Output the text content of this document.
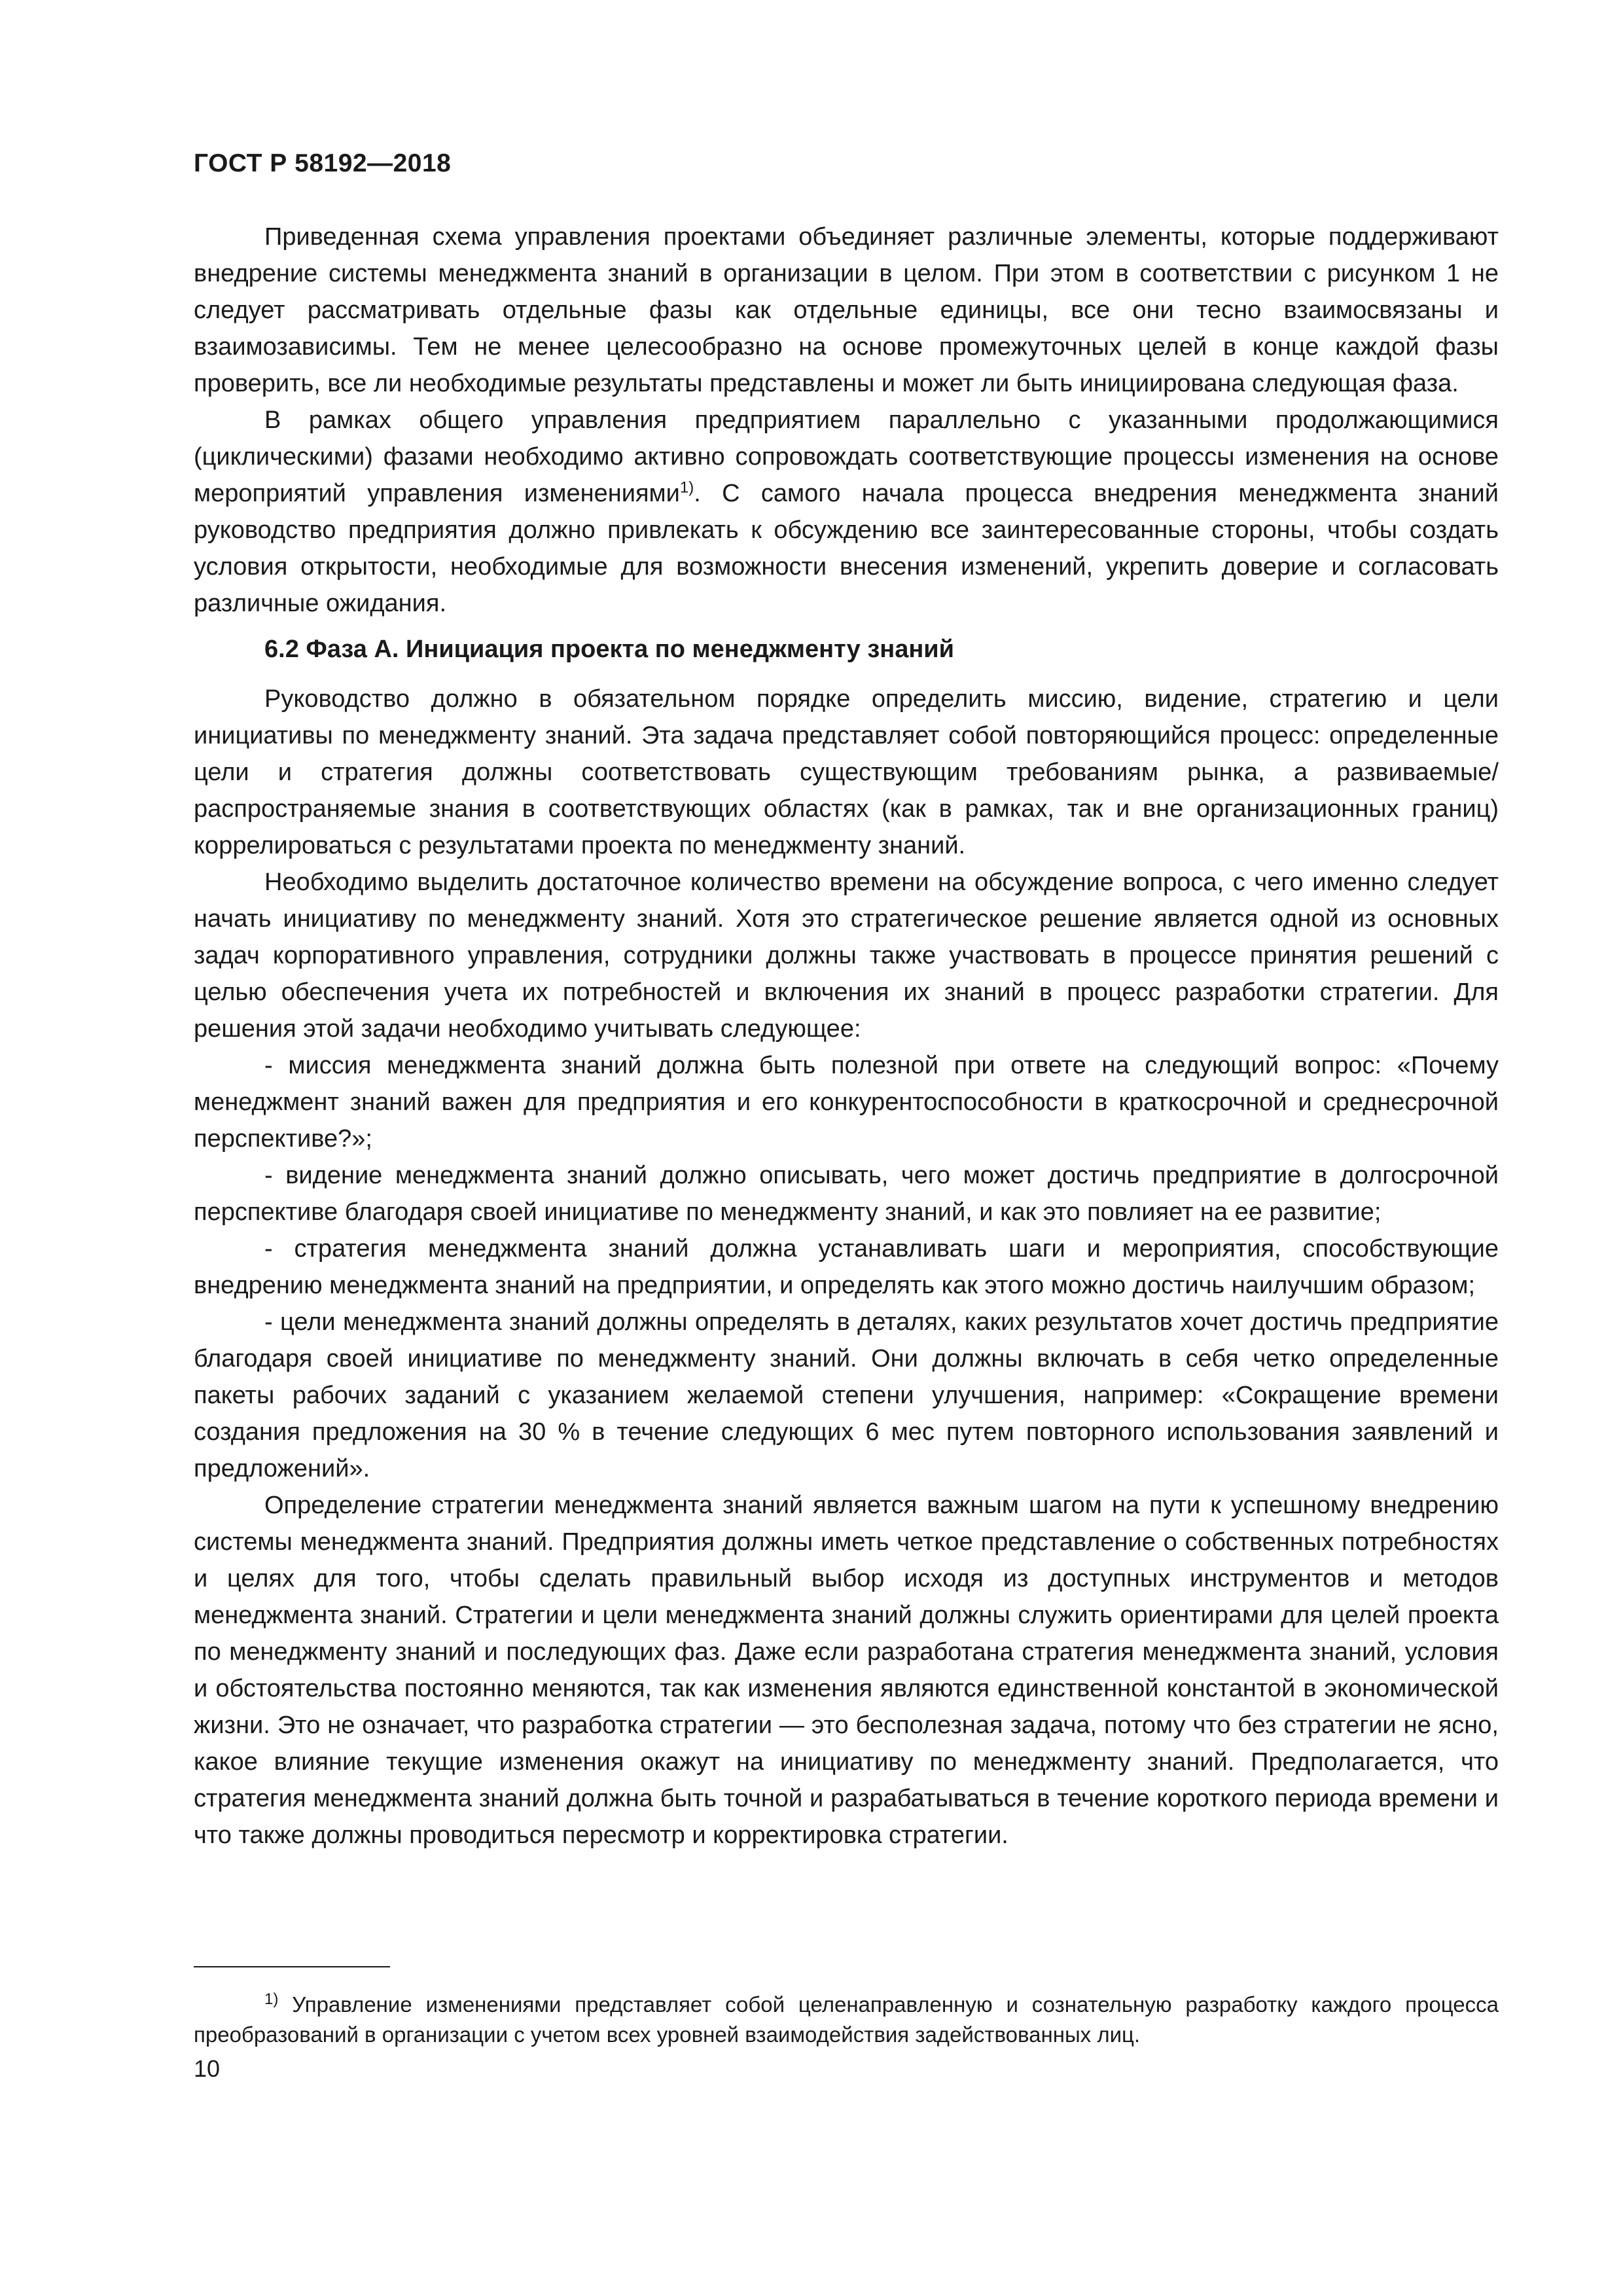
ГОСТ Р 58192—2018

Приведенная схема управления проектами объединяет различные элементы, которые поддерживают внедрение системы менеджмента знаний в организации в целом. При этом в соответствии с рисунком 1 не следует рассматривать отдельные фазы как отдельные единицы, все они тесно взаимосвязаны и взаимозависимы. Тем не менее целесообразно на основе промежуточных целей в конце каждой фазы проверить, все ли необходимые результаты представлены и может ли быть инициирована следующая фаза.

В рамках общего управления предприятием параллельно с указанными продолжающимися (циклическими) фазами необходимо активно сопровождать соответствующие процессы изменения на основе мероприятий управления изменениями$^{1)}$. С самого начала процесса внедрения менеджмента знаний руководство предприятия должно привлекать к обсуждению все заинтересованные стороны, чтобы создать условия открытости, необходимые для возможности внесения изменений, укрепить доверие и согласовать различные ожидания.

6.2 Фаза А. Инициация проекта по менеджменту знаний

Руководство должно в обязательном порядке определить миссию, видение, стратегию и цели инициативы по менеджменту знаний. Эта задача представляет собой повторяющийся процесс: определенные цели и стратегия должны соответствовать существующим требованиям рынка, а развиваемые/распространяемые знания в соответствующих областях (как в рамках, так и вне организационных границ) коррелироваться с результатами проекта по менеджменту знаний.

Необходимо выделить достаточное количество времени на обсуждение вопроса, с чего именно следует начать инициативу по менеджменту знаний. Хотя это стратегическое решение является одной из основных задач корпоративного управления, сотрудники должны также участвовать в процессе принятия решений с целью обеспечения учета их потребностей и включения их знаний в процесс разработки стратегии. Для решения этой задачи необходимо учитывать следующее:

- миссия менеджмента знаний должна быть полезной при ответе на следующий вопрос: «Почему менеджмент знаний важен для предприятия и его конкурентоспособности в краткосрочной и среднесрочной перспективе?»;

- видение менеджмента знаний должно описывать, чего может достичь предприятие в долгосрочной перспективе благодаря своей инициативе по менеджменту знаний, и как это повлияет на ее развитие;

- стратегия менеджмента знаний должна устанавливать шаги и мероприятия, способствующие внедрению менеджмента знаний на предприятии, и определять как этого можно достичь наилучшим образом;

- цели менеджмента знаний должны определять в деталях, каких результатов хочет достичь предприятие благодаря своей инициативе по менеджменту знаний. Они должны включать в себя четко определенные пакеты рабочих заданий с указанием желаемой степени улучшения, например: «Сокращение времени создания предложения на 30 % в течение следующих 6 мес путем повторного использования заявлений и предложений».

Определение стратегии менеджмента знаний является важным шагом на пути к успешному внедрению системы менеджмента знаний. Предприятия должны иметь четкое представление о собственных потребностях и целях для того, чтобы сделать правильный выбор исходя из доступных инструментов и методов менеджмента знаний. Стратегии и цели менеджмента знаний должны служить ориентирами для целей проекта по менеджменту знаний и последующих фаз. Даже если разработана стратегия менеджмента знаний, условия и обстоятельства постоянно меняются, так как изменения являются единственной константой в экономической жизни. Это не означает, что разработка стратегии — это бесполезная задача, потому что без стратегии не ясно, какое влияние текущие изменения окажут на инициативу по менеджменту знаний. Предполагается, что стратегия менеджмента знаний должна быть точной и разрабатываться в течение короткого периода времени и что также должны проводиться пересмотр и корректировка стратегии.

$^{1)}$ Управление изменениями представляет собой целенаправленную и сознательную разработку каждого процесса преобразований в организации с учетом всех уровней взаимодействия задействованных лиц.
10
